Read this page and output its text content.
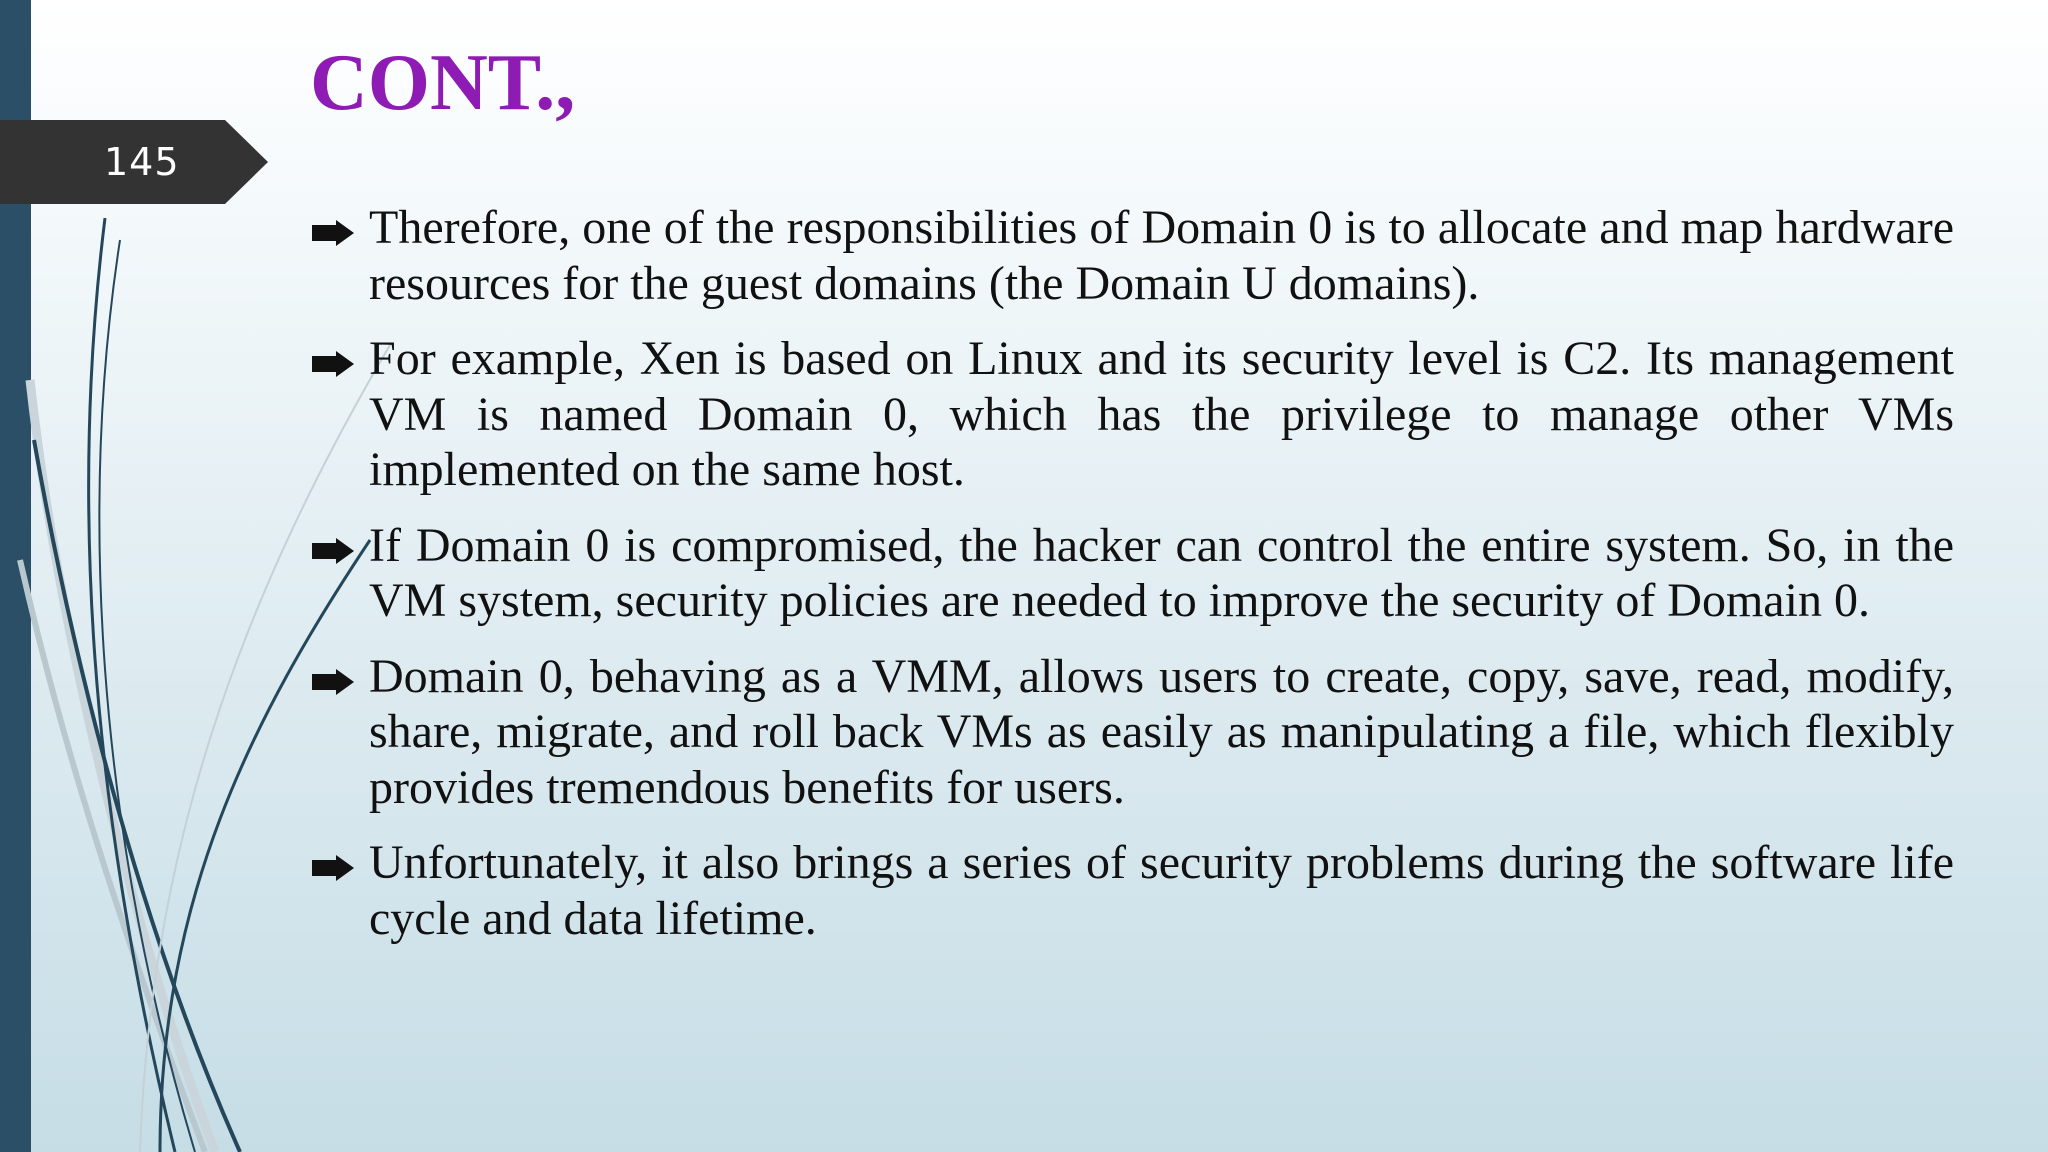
145
CONT.,
Therefore, one of the responsibilities of Domain 0 is to allocate and map hardware resources for the guest domains (the Domain U domains).
For example, Xen is based on Linux and its security level is C2. Its management VM is named Domain 0, which has the privilege to manage other VMs implemented on the same host.
If Domain 0 is compromised, the hacker can control the entire system. So, in the VM system, security policies are needed to improve the security of Domain 0.
Domain 0, behaving as a VMM, allows users to create, copy, save, read, modify, share, migrate, and roll back VMs as easily as manipulating a file, which flexibly provides tremendous benefits for users.
Unfortunately, it also brings a series of security problems during the software life cycle and data lifetime.
